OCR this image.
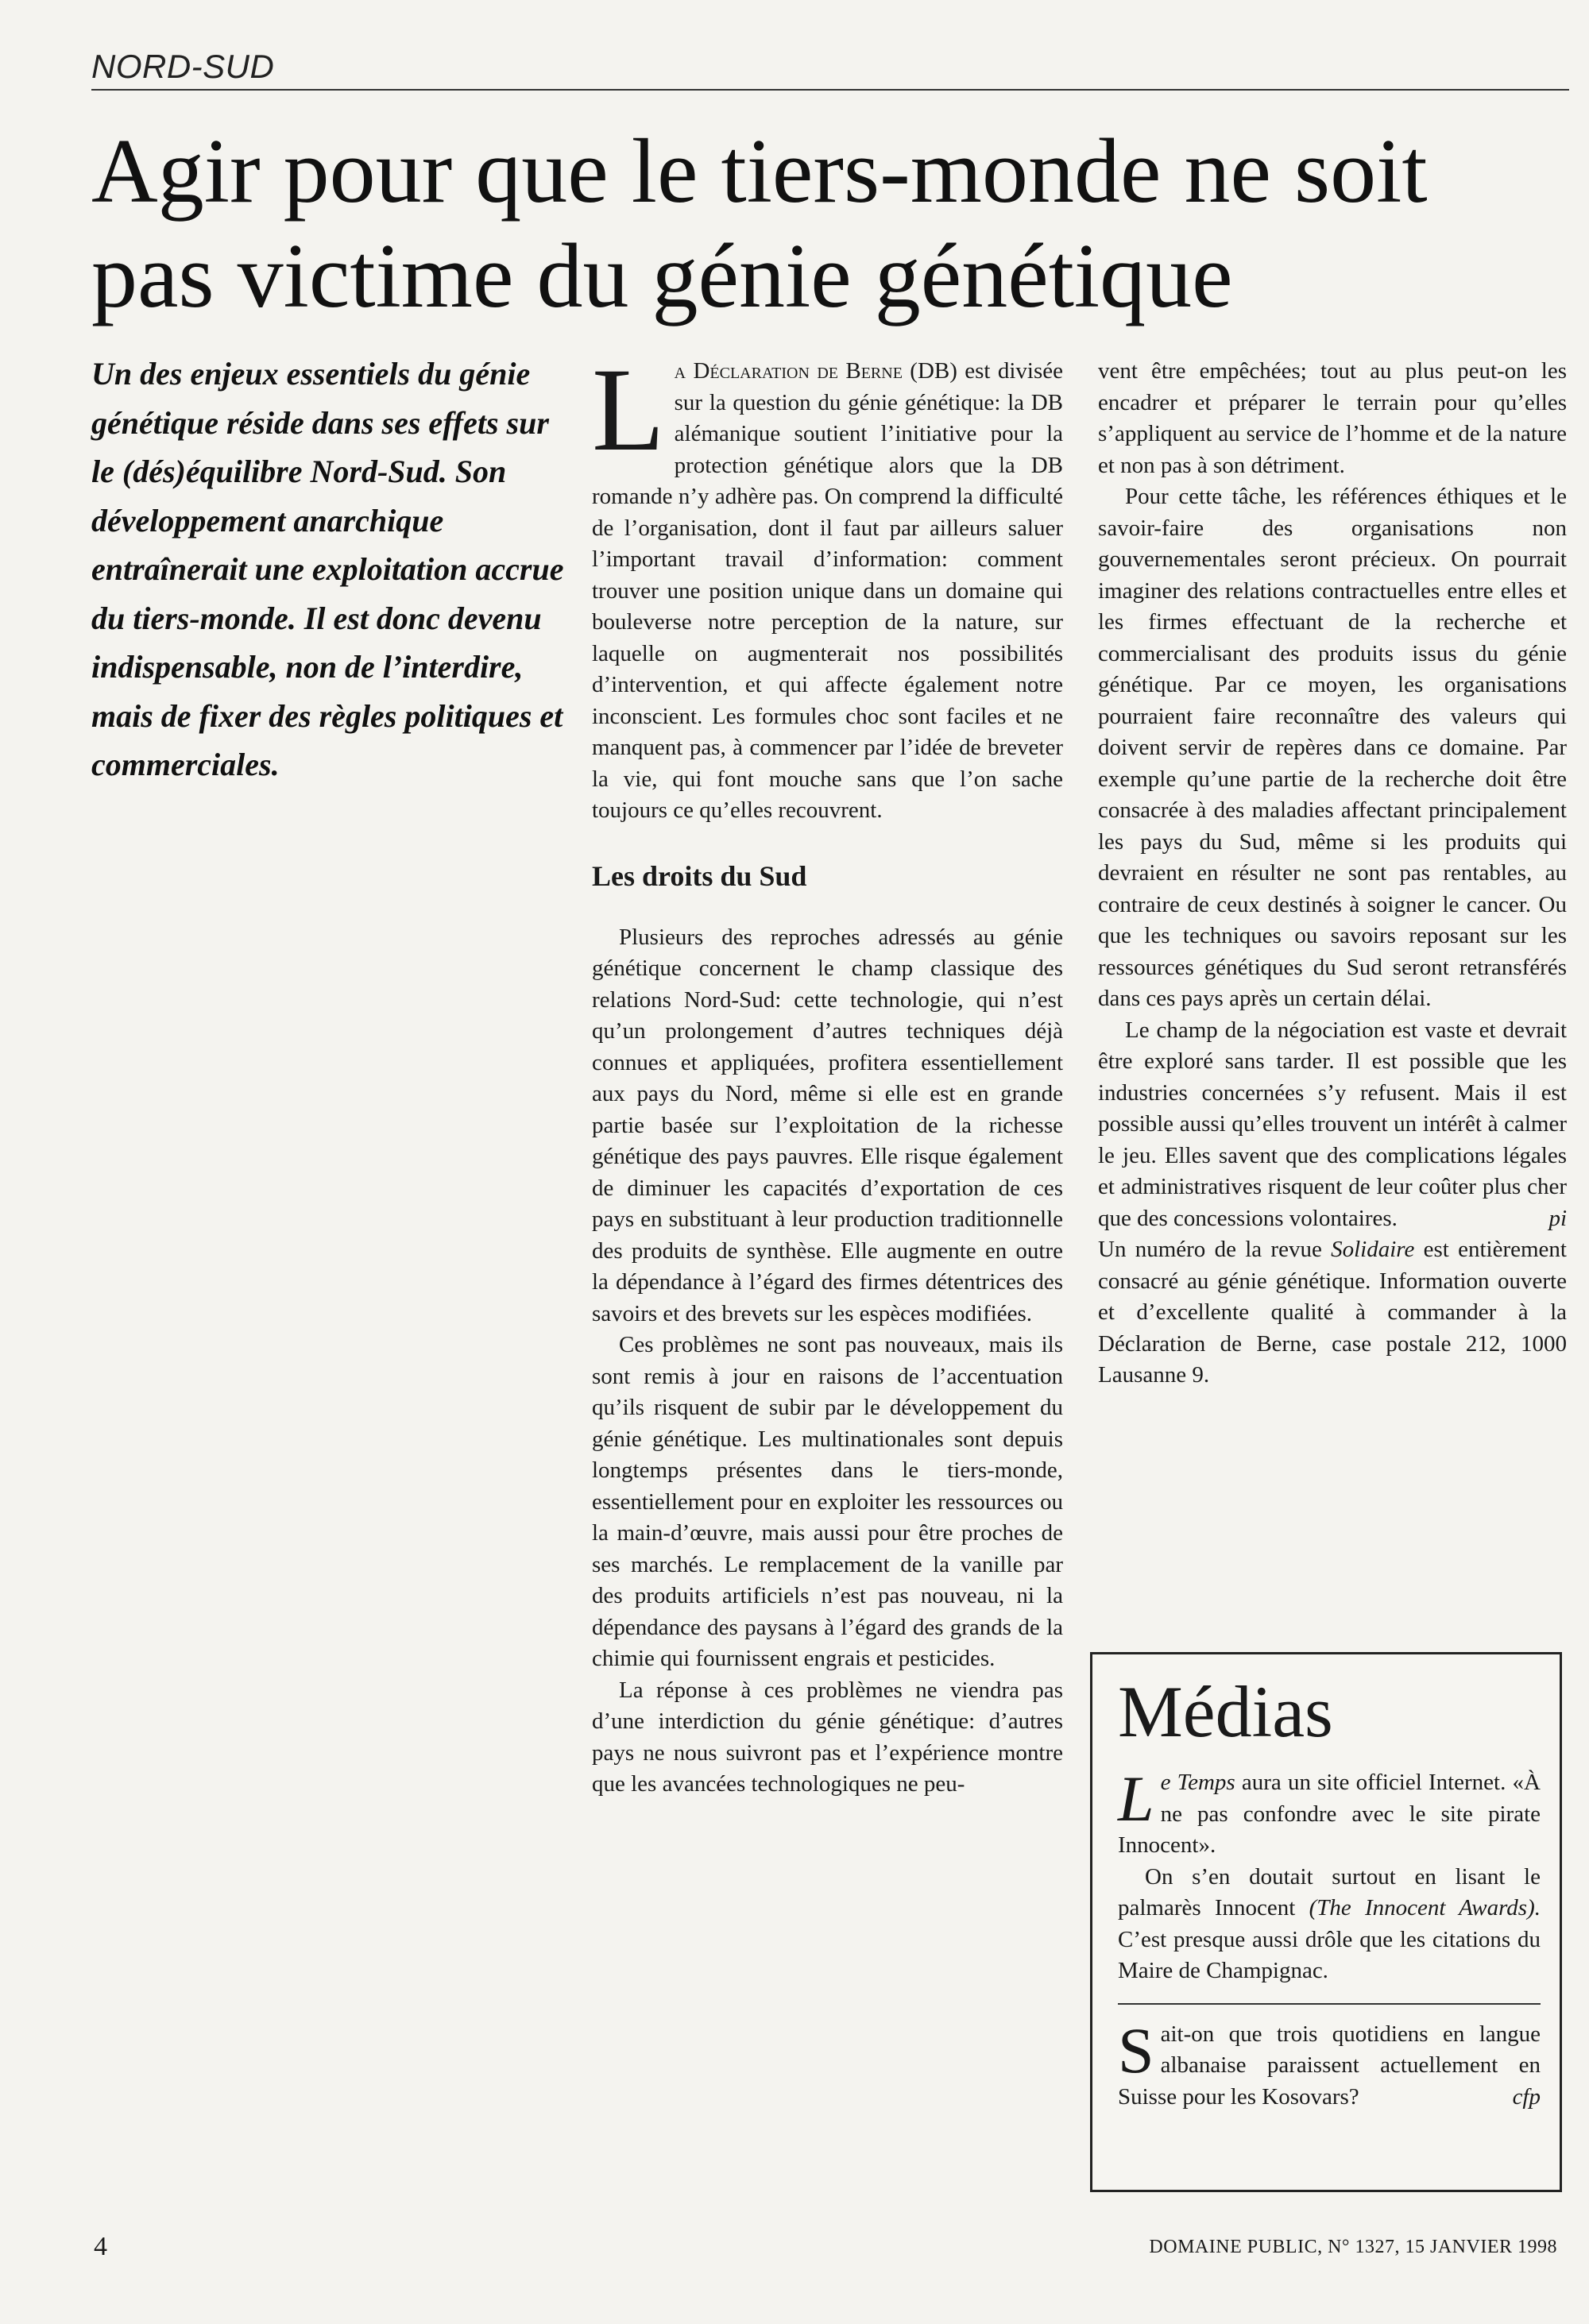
NORD-SUD
Agir pour que le tiers-monde ne soit
pas victime du génie génétique
Un des enjeux essentiels du génie génétique réside dans ses effets sur le (dés)équilibre Nord-Sud. Son développement anarchique entraînerait une exploitation accrue du tiers-monde. Il est donc devenu indispensable, non de l’interdire, mais de fixer des règles politiques et commerciales.

La Déclaration de Berne (DB) est divisée sur la question du génie génétique: la DB alémanique soutient l’initiative pour la protection génétique alors que la DB romande n’y adhère pas. On comprend la difficulté de l’organisation, dont il faut par ailleurs saluer l’important travail d’information: comment trouver une position unique dans un domaine qui bouleverse notre perception de la nature, sur laquelle on augmenterait nos possibilités d’intervention, et qui affecte également notre inconscient. Les formules choc sont faciles et ne manquent pas, à commencer par l’idée de breveter la vie, qui font mouche sans que l’on sache toujours ce qu’elles recouvrent.

Les droits du Sud

Plusieurs des reproches adressés au génie génétique concernent le champ classique des relations Nord-Sud: cette technologie, qui n’est qu’un prolongement d’autres techniques déjà connues et appliquées, profitera essentiellement aux pays du Nord, même si elle est en grande partie basée sur l’exploitation de la richesse génétique des pays pauvres. Elle risque également de diminuer les capacités d’exportation de ces pays en substituant à leur production traditionnelle des produits de synthèse. Elle augmente en outre la dépendance à l’égard des firmes détentrices des savoirs et des brevets sur les espèces modifiées.

Ces problèmes ne sont pas nouveaux, mais ils sont remis à jour en raisons de l’accentuation qu’ils risquent de subir par le développement du génie génétique. Les multinationales sont depuis longtemps présentes dans le tiers-monde, essentiellement pour en exploiter les ressources ou la main-d’œuvre, mais aussi pour être proches de ses marchés. Le remplacement de la vanille par des produits artificiels n’est pas nouveau, ni la dépendance des paysans à l’égard des grands de la chimie qui fournissent engrais et pesticides.

La réponse à ces problèmes ne viendra pas d’une interdiction du génie génétique: d’autres pays ne nous suivront pas et l’expérience montre que les avancées technologiques ne peu-

vent être empêchées; tout au plus peut-on les encadrer et préparer le terrain pour qu’elles s’appliquent au service de l’homme et de la nature et non pas à son détriment.

Pour cette tâche, les références éthiques et le savoir-faire des organisations non gouvernementales seront précieux. On pourrait imaginer des relations contractuelles entre elles et les firmes effectuant de la recherche et commercialisant des produits issus du génie génétique. Par ce moyen, les organisations pourraient faire reconnaître des valeurs qui doivent servir de repères dans ce domaine. Par exemple qu’une partie de la recherche doit être consacrée à des maladies affectant principalement les pays du Sud, même si les produits qui devraient en résulter ne sont pas rentables, au contraire de ceux destinés à soigner le cancer. Ou que les techniques ou savoirs reposant sur les ressources génétiques du Sud seront retransférés dans ces pays après un certain délai.

Le champ de la négociation est vaste et devrait être exploré sans tarder. Il est possible que les industries concernées s’y refusent. Mais il est possible aussi qu’elles trouvent un intérêt à calmer le jeu. Elles savent que des complications légales et administratives risquent de leur coûter plus cher que des concessions volontaires.	pi

Un numéro de la revue Solidaire est entièrement consacré au génie génétique. Information ouverte et d’excellente qualité à commander à la Déclaration de Berne, case postale 212, 1000 Lausanne 9.

Médias

Le Temps aura un site officiel Internet. «À ne pas confondre avec le site pirate Innocent».

On s’en doutait surtout en lisant le palmarès Innocent (The Innocent Awards). C’est presque aussi drôle que les citations du Maire de Champignac.

Sait-on que trois quotidiens en langue albanaise paraissent actuellement en Suisse pour les Kosovars?	cfp

4	DOMAINE PUBLIC, N° 1327, 15 JANVIER 1998
